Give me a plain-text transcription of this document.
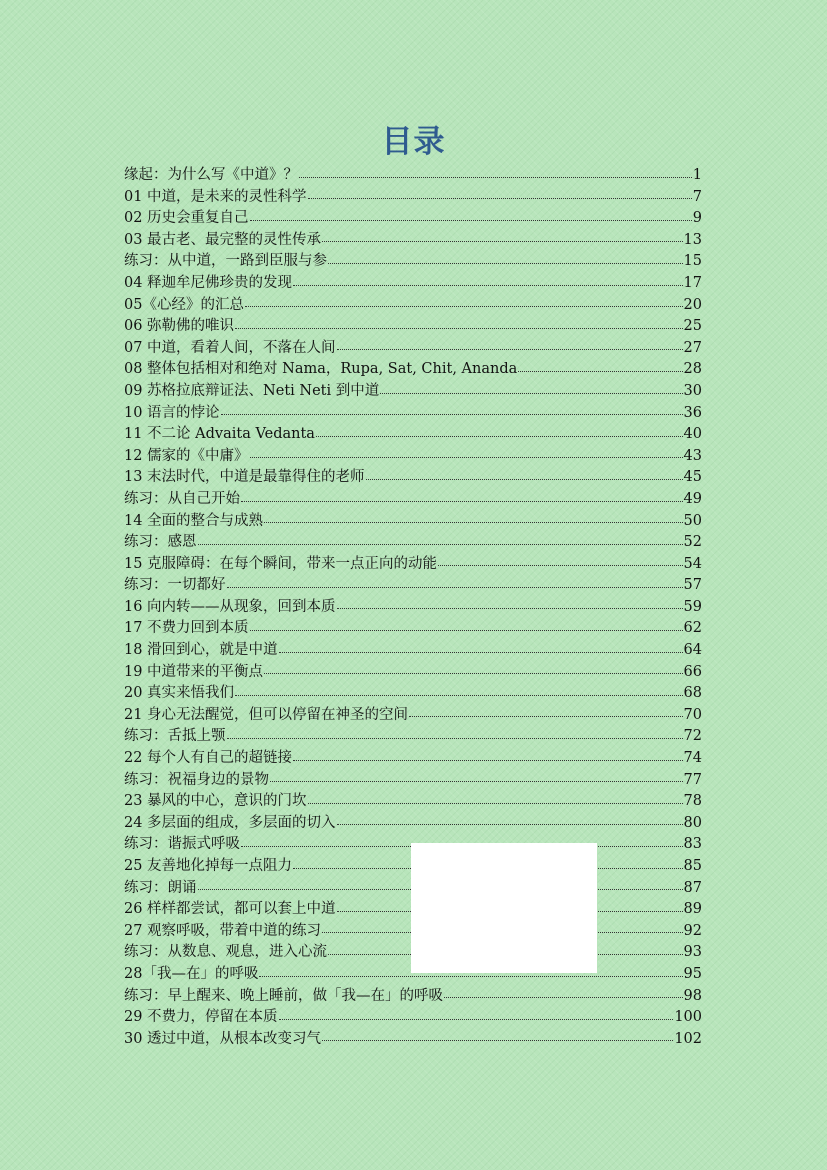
目录
缘起：为什么写《中道》？	1
01 中道，是未来的灵性科学	7
02 历史会重复自己	9
03 最古老、最完整的灵性传承	13
练习：从中道，一路到臣服与参	15
04 释迦牟尼佛珍贵的发现	17
05《心经》的汇总	20
06 弥勒佛的唯识	25
07 中道，看着人间，不落在人间	27
08 整体包括相对和绝对 Nama，Rupa, Sat, Chit, Ananda	28
09 苏格拉底辩证法、Neti Neti 到中道	30
10 语言的悖论	36
11 不二论 Advaita Vedanta	40
12 儒家的《中庸》	43
13 末法时代，中道是最靠得住的老师	45
练习：从自己开始	49
14 全面的整合与成熟	50
练习：感恩	52
15 克服障碍：在每个瞬间，带来一点正向的动能	54
练习：一切都好	57
16 向内转——从现象，回到本质	59
17 不费力回到本质	62
18 滑回到心，就是中道	64
19 中道带来的平衡点	66
20 真实来悟我们	68
21 身心无法醒觉，但可以停留在神圣的空间	70
练习：舌抵上颚	72
22 每个人有自己的超链接	74
练习：祝福身边的景物	77
23 暴风的中心，意识的门坎	78
24 多层面的组成，多层面的切入	80
练习：谐振式呼吸	83
25 友善地化掉每一点阻力	85
练习：朗诵	87
26 样样都尝试，都可以套上中道	89
27 观察呼吸，带着中道的练习	92
练习：从数息、观息，进入心流	93
28「我—在」的呼吸	95
练习：早上醒来、晚上睡前，做「我—在」的呼吸	98
29 不费力，停留在本质	100
30 透过中道，从根本改变习气	102
